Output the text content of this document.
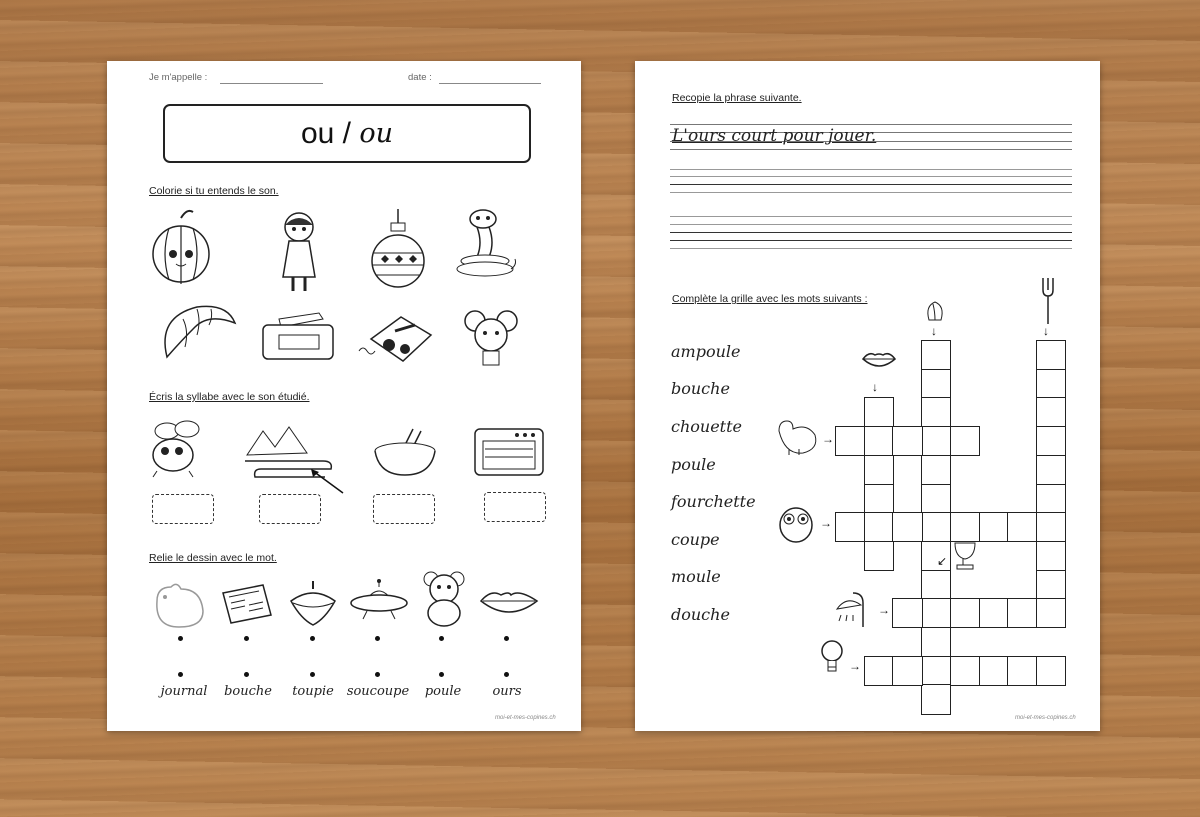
Je m'appelle :	date :
ou / ou
Colorie si tu entends le son.
Écris la syllabe avec le son étudié.
Relie le dessin avec le mot.
journal bouche toupie soucoupe poule ours
moi-et-mes-copines.ch
Recopie la phrase suivante.
L'ours court pour jouer.
Complète la grille avec les mots suivants :
ampoule
bouche
chouette
poule
fourchette
coupe
moule
douche
↓	↓
↓
→
→
↙
→
→
moi-et-mes-copines.ch
